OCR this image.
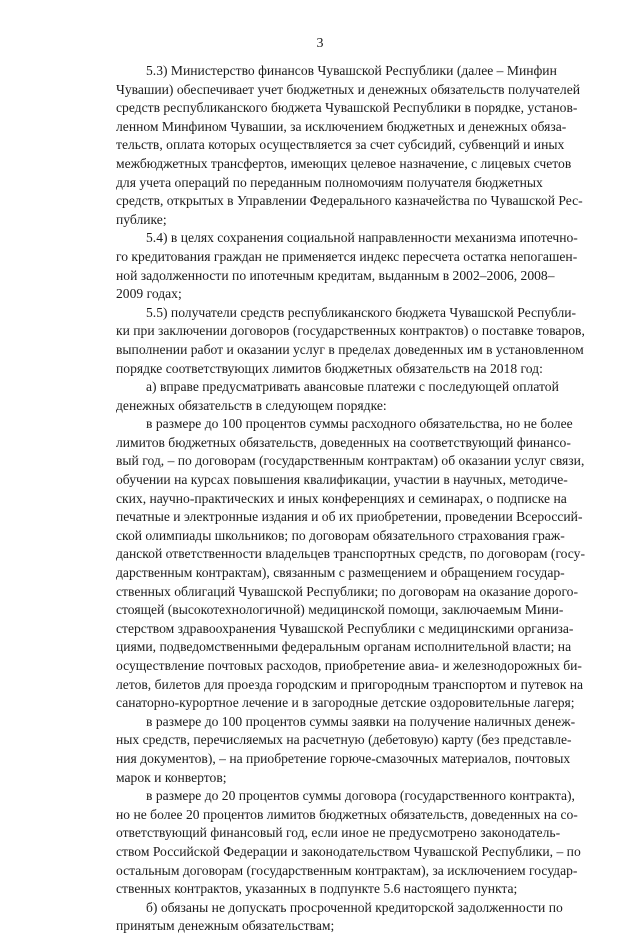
3
5.3) Министерство финансов Чувашской Республики (далее – Минфин
Чувашии) обеспечивает учет бюджетных и денежных обязательств получателей
средств республиканского бюджета Чувашской Республики в порядке, установ-
ленном Минфином Чувашии, за исключением бюджетных и денежных обяза-
тельств, оплата которых осуществляется за счет субсидий, субвенций и иных
межбюджетных трансфертов, имеющих целевое назначение, с лицевых счетов
для учета операций по переданным полномочиям получателя бюджетных
средств, открытых в Управлении Федерального казначейства по Чувашской Рес-
публике;
5.4) в целях сохранения социальной направленности механизма ипотечно-
го кредитования граждан не применяется индекс пересчета остатка непогашен-
ной задолженности по ипотечным кредитам, выданным в 2002–2006, 2008–
2009 годах;
5.5) получатели средств республиканского бюджета Чувашской Республи-
ки при заключении договоров (государственных контрактов) о поставке товаров,
выполнении работ и оказании услуг в пределах доведенных им в установленном
порядке соответствующих лимитов бюджетных обязательств на 2018 год:
а) вправе предусматривать авансовые платежи с последующей оплатой
денежных обязательств в следующем порядке:
в размере до 100 процентов суммы расходного обязательства, но не более
лимитов бюджетных обязательств, доведенных на соответствующий финансо-
вый год, – по договорам (государственным контрактам) об оказании услуг связи,
обучении на курсах повышения квалификации, участии в научных, методиче-
ских, научно-практических и иных конференциях и семинарах, о подписке на
печатные и электронные издания и об их приобретении, проведении Всероссий-
ской олимпиады школьников; по договорам обязательного страхования граж-
данской ответственности владельцев транспортных средств, по договорам (госу-
дарственным контрактам), связанным с размещением и обращением государ-
ственных облигаций Чувашской Республики; по договорам на оказание дорого-
стоящей (высокотехнологичной) медицинской помощи, заключаемым Мини-
стерством здравоохранения Чувашской Республики с медицинскими организа-
циями, подведомственными федеральным органам исполнительной власти; на
осуществление почтовых расходов, приобретение авиа- и железнодорожных би-
летов, билетов для проезда городским и пригородным транспортом и путевок на
санаторно-курортное лечение и в загородные детские оздоровительные лагеря;
в размере до 100 процентов суммы заявки на получение наличных денеж-
ных средств, перечисляемых на расчетную (дебетовую) карту (без представле-
ния документов), – на приобретение горюче-смазочных материалов, почтовых
марок и конвертов;
в размере до 20 процентов суммы договора (государственного контракта),
но не более 20 процентов лимитов бюджетных обязательств, доведенных на со-
ответствующий финансовый год, если иное не предусмотрено законодатель-
ством Российской Федерации и законодательством Чувашской Республики, – по
остальным договорам (государственным контрактам), за исключением государ-
ственных контрактов, указанных в подпункте 5.6 настоящего пункта;
б) обязаны не допускать просроченной кредиторской задолженности по
принятым денежным обязательствам;
